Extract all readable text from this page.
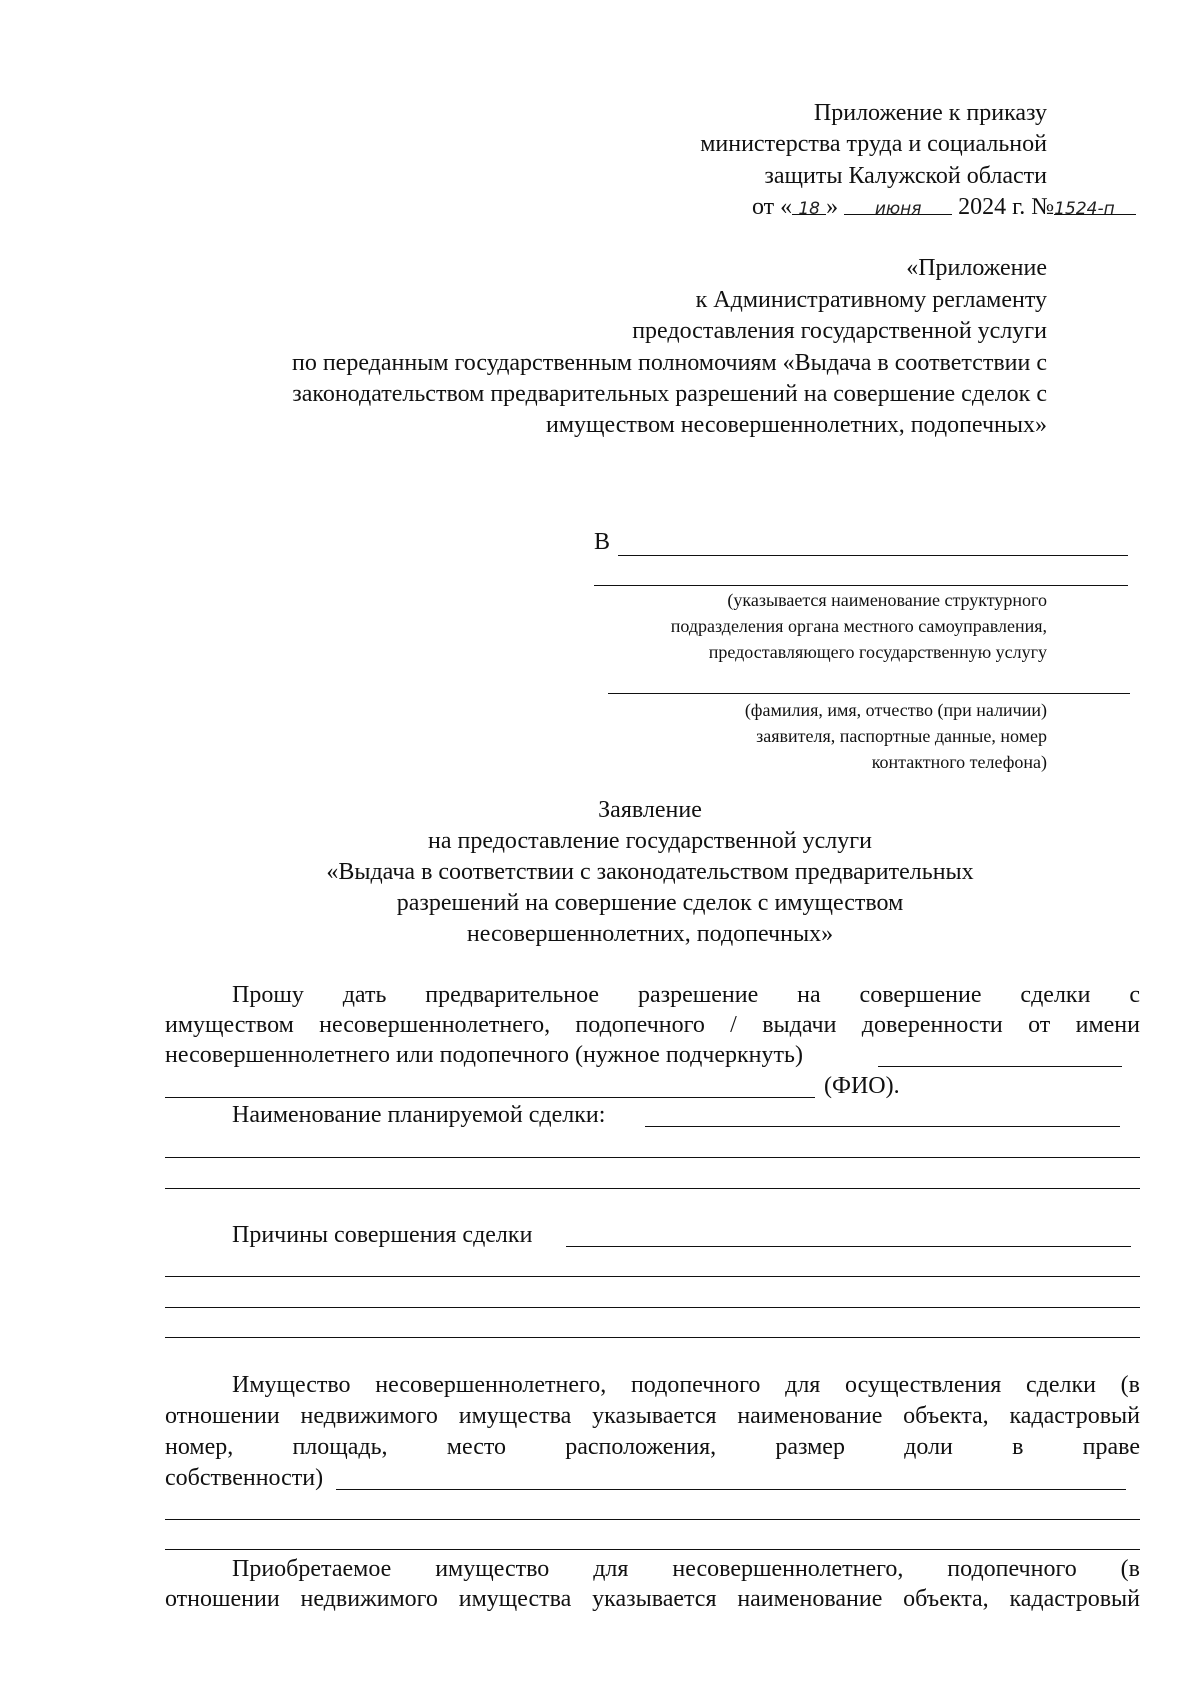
Приложение к приказу
министерства труда и социальной
защиты Калужской области
от « 18 » июня 2024 г. №1524-п
«Приложение
к Административному регламенту
предоставления государственной услуги
по переданным государственным полномочиям «Выдача в соответствии с
законодательством предварительных разрешений на совершение сделок с
имуществом несовершеннолетних, подопечных»
В
(указывается наименование структурного
подразделения органа местного самоуправления,
предоставляющего государственную услугу
(фамилия, имя, отчество (при наличии)
заявителя, паспортные данные, номер
контактного телефона)
Заявление
на предоставление государственной услуги
«Выдача в соответствии с законодательством предварительных
разрешений на совершение сделок с имуществом
несовершеннолетних, подопечных»
Прошу дать предварительное разрешение на совершение сделки с
имуществом несовершеннолетнего, подопечного / выдачи доверенности от имени
несовершеннолетнего или подопечного (нужное подчеркнуть)
(ФИО).
Наименование планируемой сделки:
Причины совершения сделки
Имущество несовершеннолетнего, подопечного для осуществления сделки (в
отношении недвижимого имущества указывается наименование объекта, кадастровый
номер, площадь, место расположения, размер доли в праве
собственности)
Приобретаемое имущество для несовершеннолетнего, подопечного (в
отношении недвижимого имущества указывается наименование объекта, кадастровый
